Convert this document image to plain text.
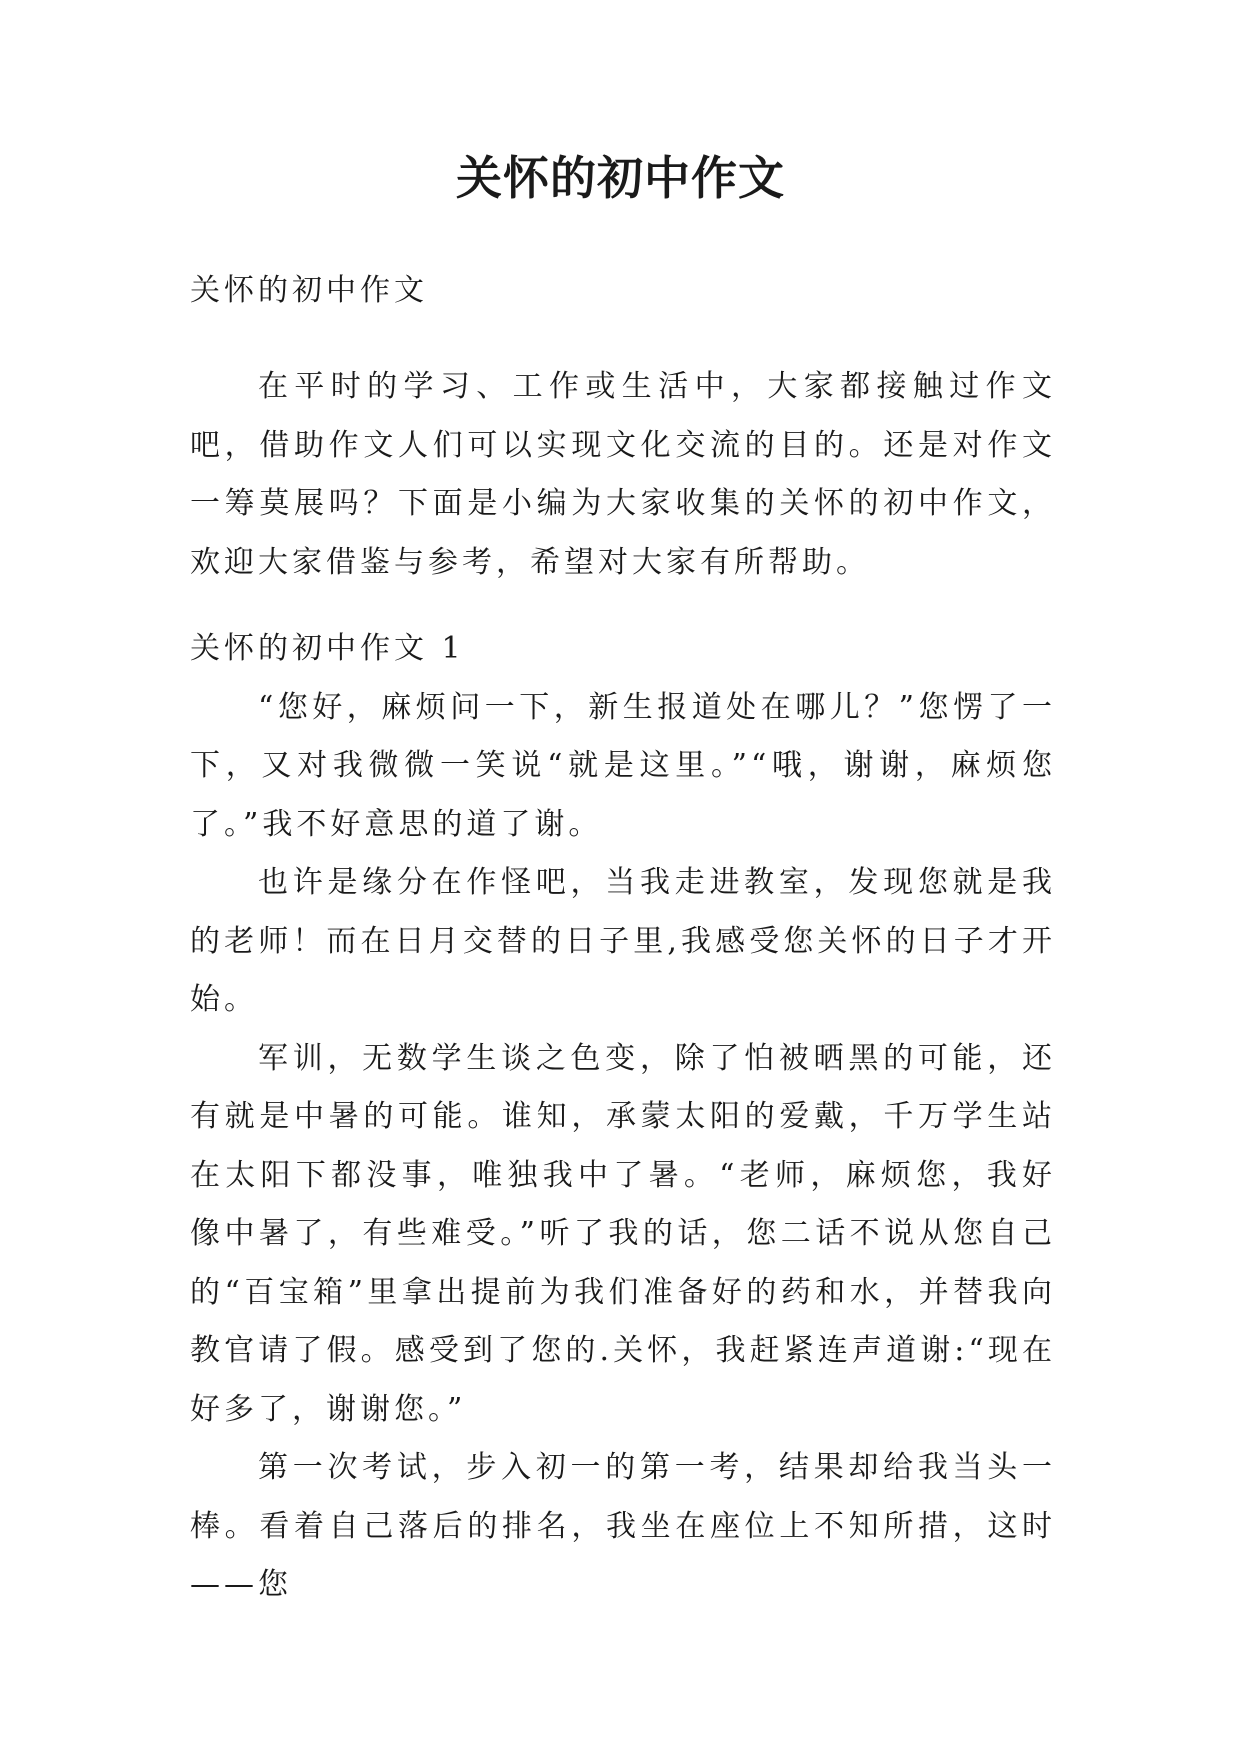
关怀的初中作文

关怀的初中作文

在平时的学习、工作或生活中，大家都接触过作文吧，借助作文人们可以实现文化交流的目的。还是对作文一筹莫展吗？下面是小编为大家收集的关怀的初中作文，欢迎大家借鉴与参考，希望对大家有所帮助。

关怀的初中作文 1

“您好，麻烦问一下，新生报道处在哪儿？”您愣了一下，又对我微微一笑说“就是这里。”“哦，谢谢，麻烦您了。”我不好意思的道了谢。

也许是缘分在作怪吧，当我走进教室，发现您就是我的老师！而在日月交替的日子里,我感受您关怀的日子才开始。

军训，无数学生谈之色变，除了怕被晒黑的可能，还有就是中暑的可能。谁知，承蒙太阳的爱戴，千万学生站在太阳下都没事，唯独我中了暑。“老师，麻烦您，我好像中暑了，有些难受。”听了我的话，您二话不说从您自己的“百宝箱”里拿出提前为我们准备好的药和水，并替我向教官请了假。感受到了您的.关怀，我赶紧连声道谢:“现在好多了，谢谢您。”

第一次考试，步入初一的第一考，结果却给我当头一棒。看着自己落后的排名，我坐在座位上不知所措，这时——您
